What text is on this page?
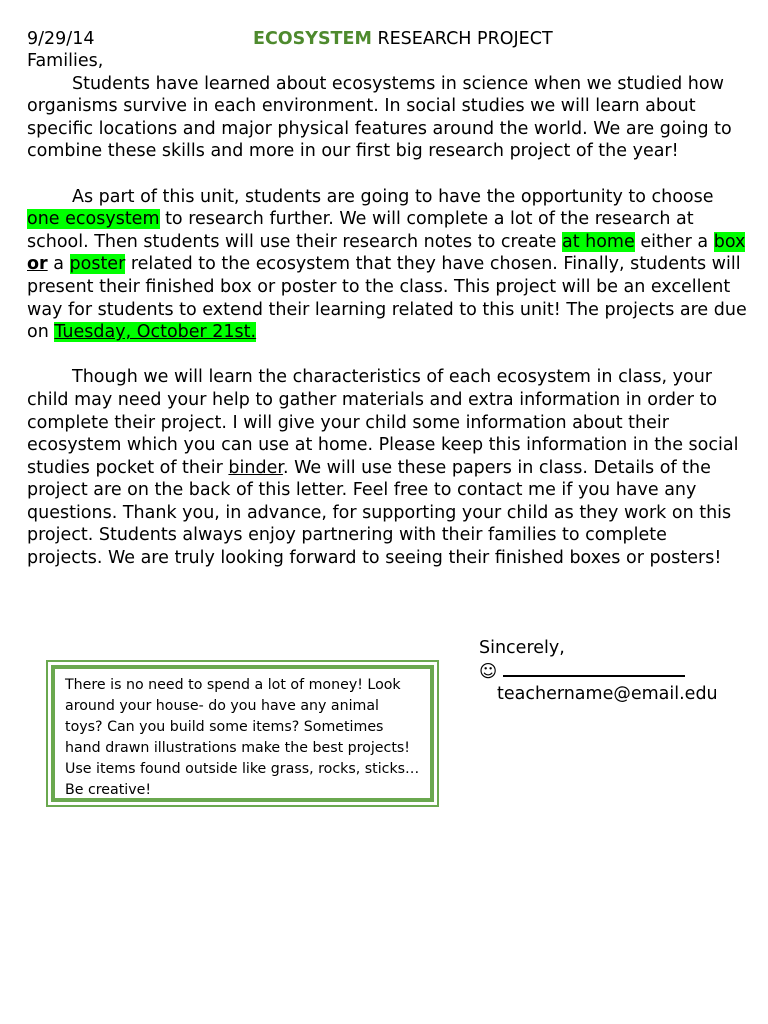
9/29/14	ECOSYSTEM RESEARCH PROJECT

Families,

Students have learned about ecosystems in science when we studied how organisms survive in each environment. In social studies we will learn about specific locations and major physical features around the world. We are going to combine these skills and more in our first big research project of the year!

As part of this unit, students are going to have the opportunity to choose one ecosystem to research further. We will complete a lot of the research at school. Then students will use their research notes to create at home either a box or a poster related to the ecosystem that they have chosen. Finally, students will present their finished box or poster to the class. This project will be an excellent way for students to extend their learning related to this unit! The projects are due on Tuesday, October 21st.

Though we will learn the characteristics of each ecosystem in class, your child may need your help to gather materials and extra information in order to complete their project. I will give your child some information about their ecosystem which you can use at home. Please keep this information in the social studies pocket of their binder. We will use these papers in class. Details of the project are on the back of this letter. Feel free to contact me if you have any questions. Thank you, in advance, for supporting your child as they work on this project. Students always enjoy partnering with their families to complete projects. We are truly looking forward to seeing their finished boxes or posters!

Sincerely,
☺
teachername@email.edu
There is no need to spend a lot of money! Look around your house- do you have any animal toys? Can you build some items? Sometimes hand drawn illustrations make the best projects! Use items found outside like grass, rocks, sticks… Be creative!
